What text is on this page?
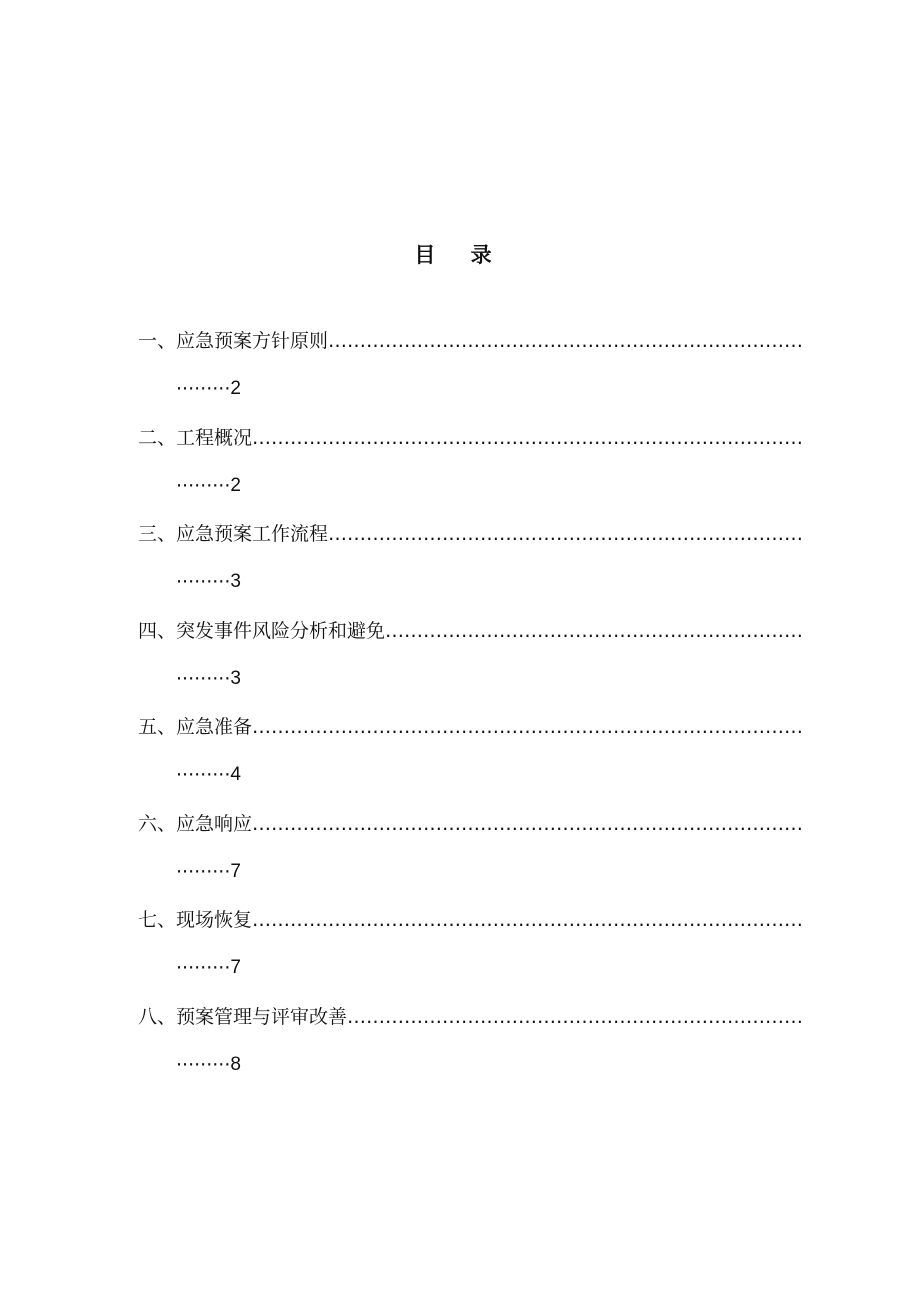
目 录
一、 应急预案方针原则
…………………………………………………………………………………………………………………………………………
·····
2
二、 工程概况
…………………………………………………………………………………………………………………………………………
·····
2
三、 应急预案工作流程
…………………………………………………………………………………………………………………………………………
·····
3
四、 突发事件风险分析和避免
…………………………………………………………………………………………………………………………………………
·····
3
五、 应急准备
…………………………………………………………………………………………………………………………………………
·····
4
六、 应急响应
…………………………………………………………………………………………………………………………………………
·····
7
七、 现场恢复
…………………………………………………………………………………………………………………………………………
·····
7
八、 预案管理与评审改善
…………………………………………………………………………………………………………………………………………
·····
8
